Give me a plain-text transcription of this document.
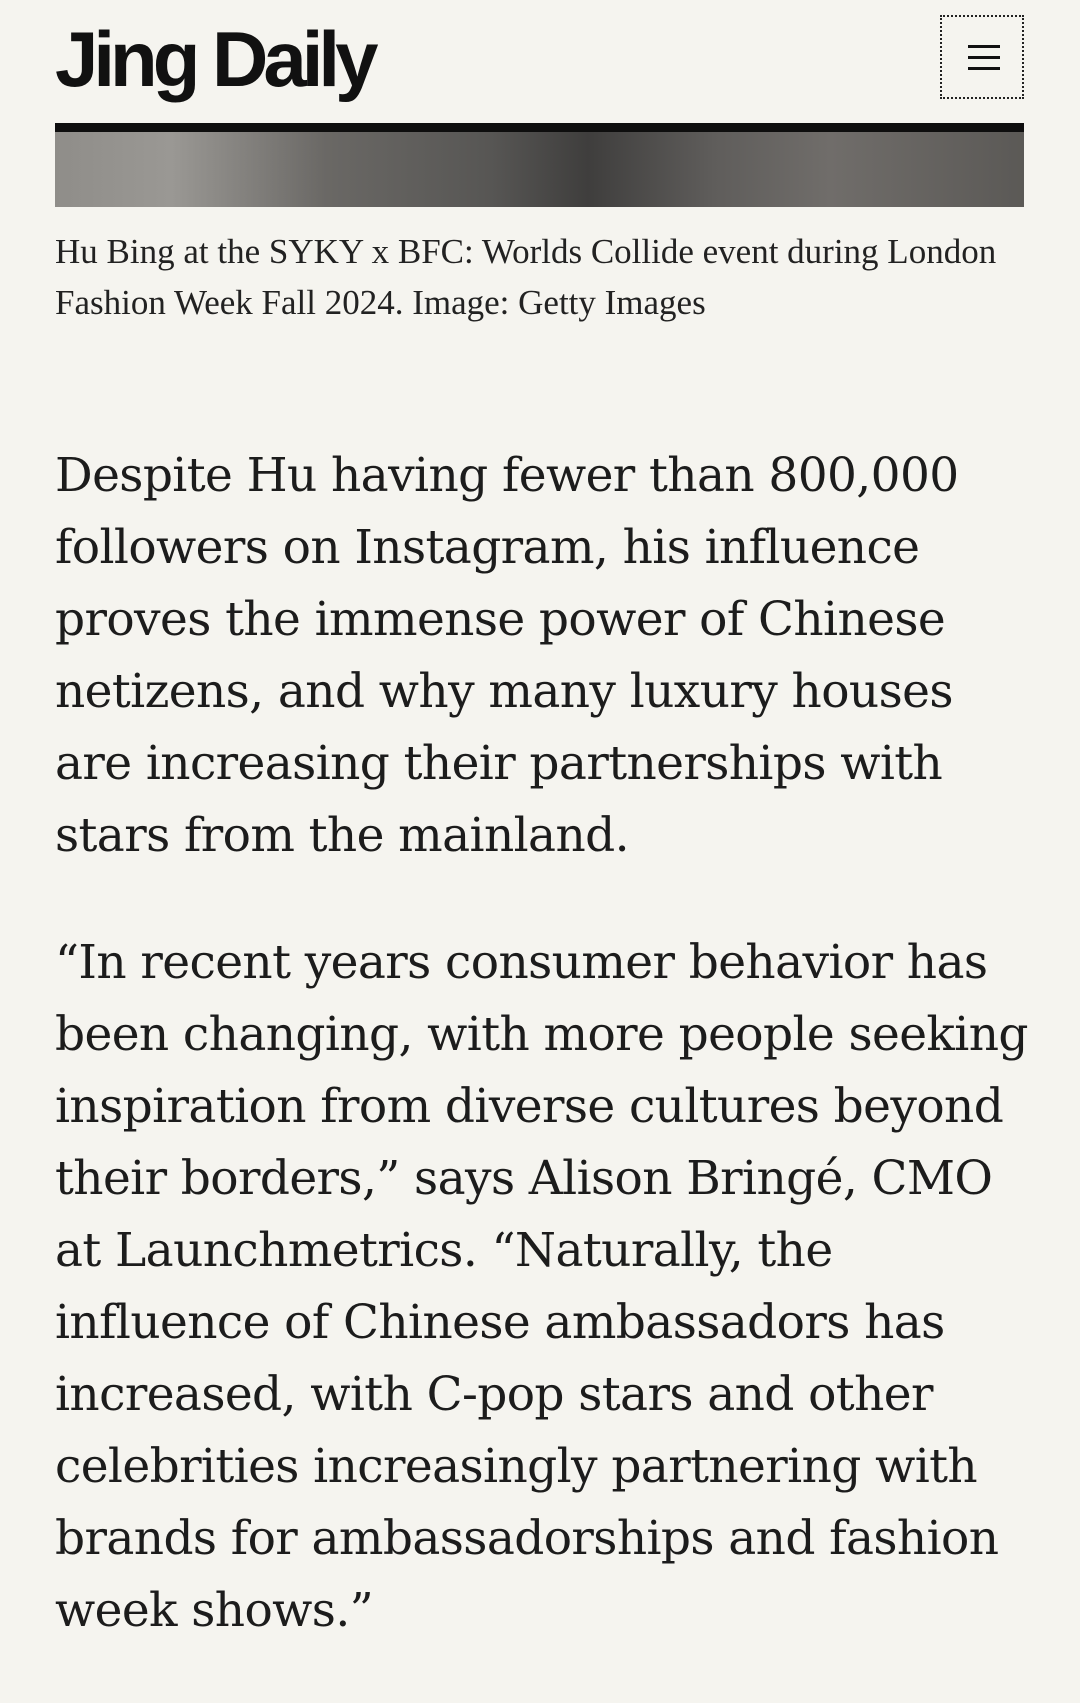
Jing Daily

Hu Bing at the SYKY x BFC: Worlds Collide event during London Fashion Week Fall 2024. Image: Getty Images

Despite Hu having fewer than 800,000 followers on Instagram, his influence proves the immense power of Chinese netizens, and why many luxury houses are increasing their partnerships with stars from the mainland.

“In recent years consumer behavior has been changing, with more people seeking inspiration from diverse cultures beyond their borders,” says Alison Bringé, CMO at Launchmetrics. “Naturally, the influence of Chinese ambassadors has increased, with C-pop stars and other celebrities increasingly partnering with brands for ambassadorships and fashion week shows.”
